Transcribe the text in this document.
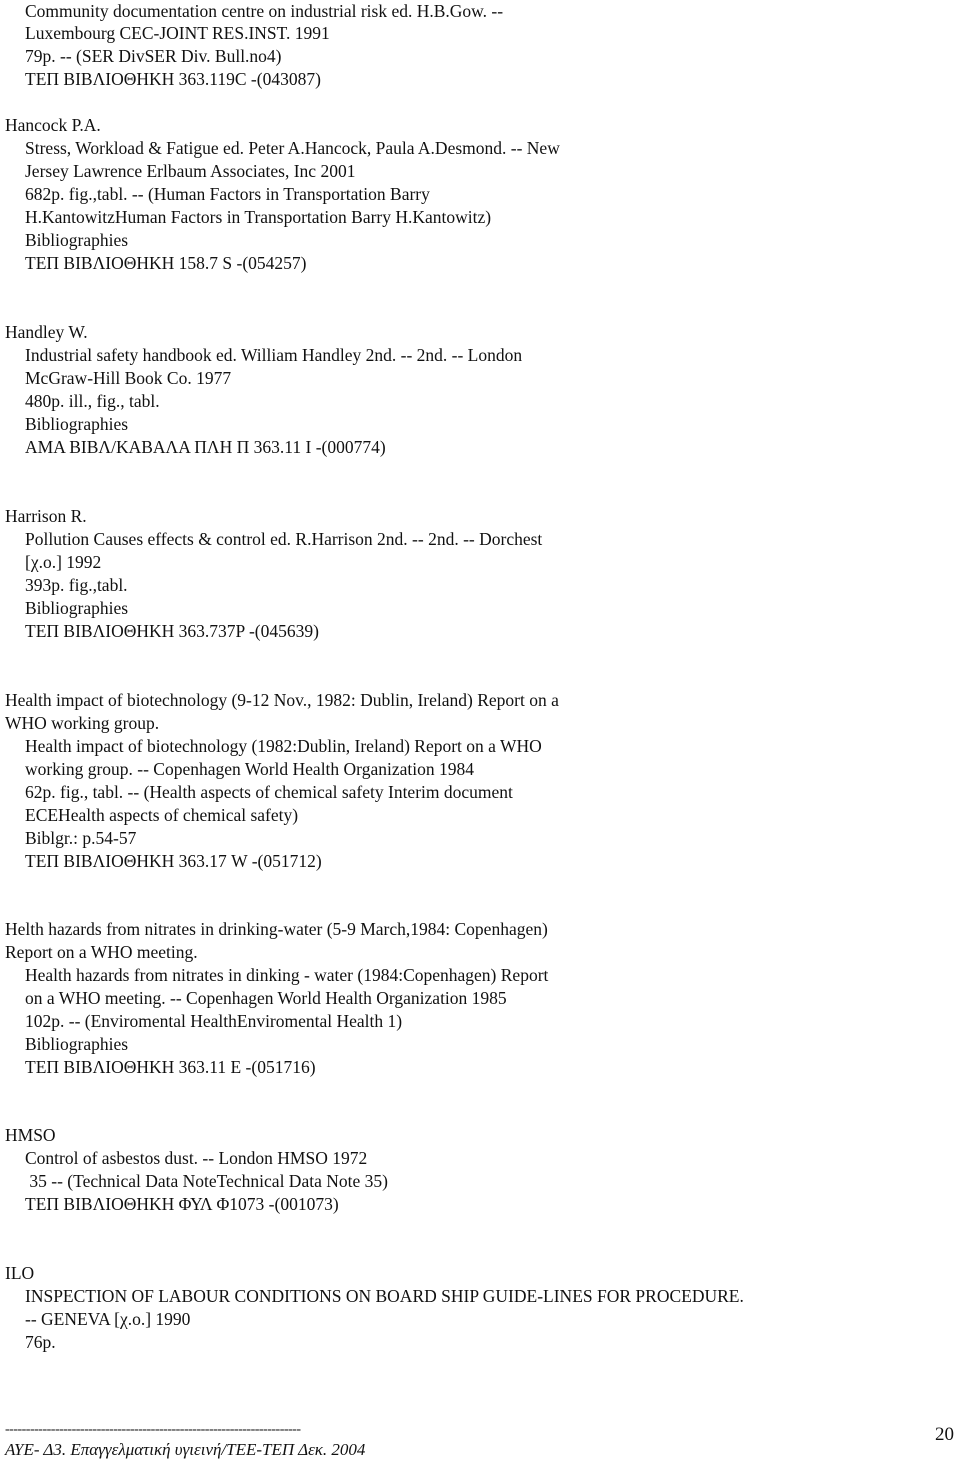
Community documentation centre on industrial risk ed. H.B.Gow. --
Luxembourg CEC-JOINT RES.INST. 1991
79p. -- (SER DivSER Div. Bull.no4)
ΤΕΠ ΒΙΒΛΙΟΘΗΚΗ 363.119C -(043087)
Hancock P.A.
Stress, Workload & Fatigue ed. Peter A.Hancock, Paula A.Desmond. -- New
Jersey Lawrence Erlbaum Associates, Inc 2001
682p. fig.,tabl. -- (Human Factors in Transportation Barry
H.KantowitzHuman Factors in Transportation Barry H.Kantowitz)
Bibliographies
ΤΕΠ ΒΙΒΛΙΟΘΗΚΗ 158.7 S -(054257)
Handley W.
Industrial safety handbook ed. William Handley 2nd. -- 2nd. -- London
McGraw-Hill Book Co. 1977
480p. ill., fig., tabl.
Bibliographies
ΑΜΑ ΒΙΒΛ/ΚΑΒΑΛΑ ΠΛΗ Π 363.11 I -(000774)
Harrison R.
Pollution Causes effects & control ed. R.Harrison 2nd. -- 2nd. -- Dorchest
[χ.ο.] 1992
393p. fig.,tabl.
Bibliographies
ΤΕΠ ΒΙΒΛΙΟΘΗΚΗ 363.737P -(045639)
Health impact of biotechnology (9-12 Nov., 1982: Dublin, Ireland) Report on a
WHO working group.
Health impact of biotechnology (1982:Dublin, Ireland) Report on a WHO
working group. -- Copenhagen World Health Organization 1984
62p. fig., tabl. -- (Health aspects of chemical safety Interim document
ECEHealth aspects of chemical safety)
Biblgr.: p.54-57
ΤΕΠ ΒΙΒΛΙΟΘΗΚΗ 363.17 W -(051712)
Helth hazards from nitrates in drinking-water (5-9 March,1984: Copenhagen)
Report on a WHO meeting.
Health hazards from nitrates in dinking - water (1984:Copenhagen) Report
on a WHO meeting. -- Copenhagen World Health Organization 1985
102p. -- (Enviromental HealthEnviromental Health 1)
Bibliographies
ΤΕΠ ΒΙΒΛΙΟΘΗΚΗ 363.11 E -(051716)
HMSO
Control of asbestos dust. -- London HMSO 1972
35 -- (Technical Data NoteTechnical Data Note 35)
ΤΕΠ ΒΙΒΛΙΟΘΗΚΗ ΦΥΛ Φ1073 -(001073)
ILO
INSPECTION OF LABOUR CONDITIONS ON BOARD SHIP GUIDE-LINES FOR PROCEDURE.
-- GENEVA [χ.ο.] 1990
76p.
-----------------------------------------------------------------------
ΑΥΕ- Δ3. Επαγγελματική υγιεινή/ΤΕΕ-ΤΕΠ Δεκ. 2004
20
